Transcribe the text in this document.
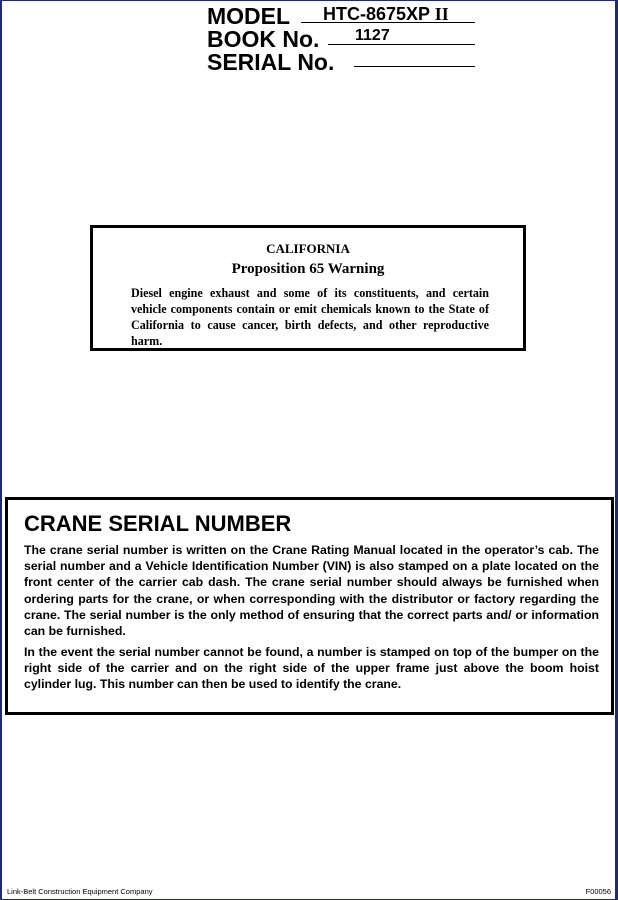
MODEL HTC-8675XP II
BOOK No. 1127
SERIAL No.
CALIFORNIA
Proposition 65 Warning
Diesel engine exhaust and some of its constituents, and certain vehicle components contain or emit chemicals known to the State of California to cause cancer, birth defects, and other reproductive harm.
CRANE SERIAL NUMBER
The crane serial number is written on the Crane Rating Manual located in the operator’s cab. The serial number and a Vehicle Identification Number (VIN) is also stamped on a plate located on the front center of the carrier cab dash. The crane serial number should always be furnished when ordering parts for the crane, or when corresponding with the distributor or factory regarding the crane. The serial number is the only method of ensuring that the correct parts and/ or information can be furnished.
In the event the serial number cannot be found, a number is stamped on top of the bumper on the right side of the carrier and on the right side of the upper frame just above the boom hoist cylinder lug. This number can then be used to identify the crane.
Link-Belt Construction Equipment Company	F00056
